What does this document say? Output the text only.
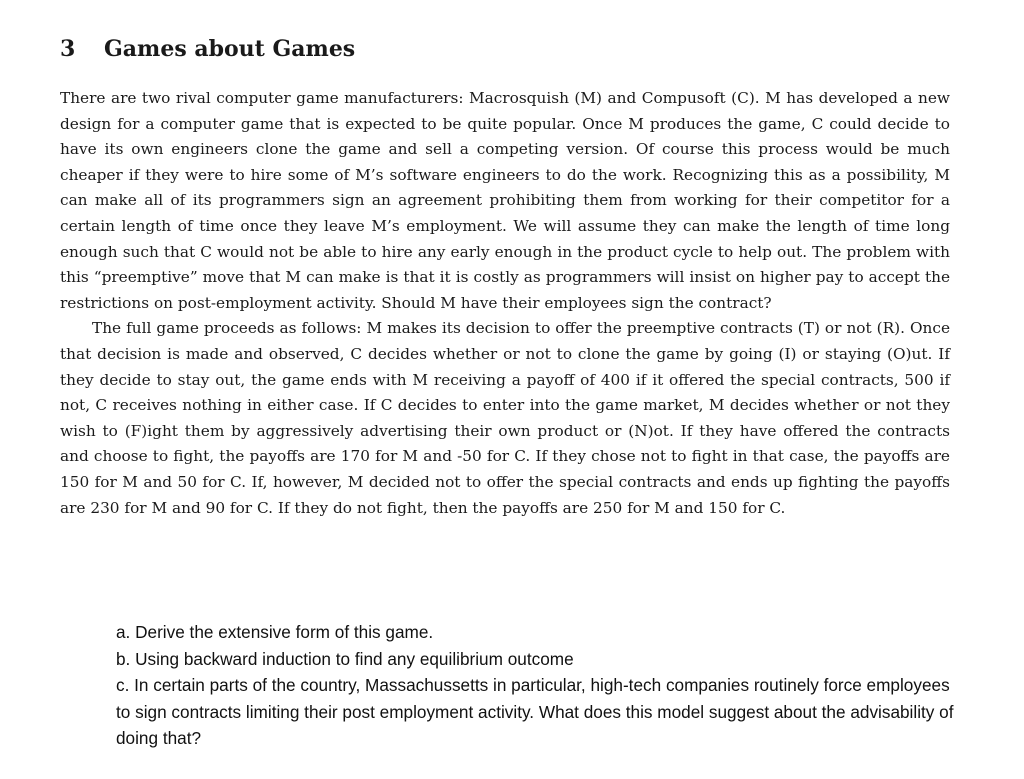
3 Games about Games

There are two rival computer game manufacturers: Macrosquish (M) and Compusoft (C). M has developed a new design for a computer game that is expected to be quite popular. Once M produces the game, C could decide to have its own engineers clone the game and sell a competing version. Of course this process would be much cheaper if they were to hire some of M’s software engineers to do the work. Recognizing this as a possibility, M can make all of its programmers sign an agreement prohibiting them from working for their competitor for a certain length of time once they leave M’s employment. We will assume they can make the length of time long enough such that C would not be able to hire any early enough in the product cycle to help out. The problem with this “preemptive” move that M can make is that it is costly as programmers will insist on higher pay to accept the restrictions on post-employment activity. Should M have their employees sign the contract?

The full game proceeds as follows: M makes its decision to offer the preemptive contracts (T) or not (R). Once that decision is made and observed, C decides whether or not to clone the game by going (I) or staying (O)ut. If they decide to stay out, the game ends with M receiving a payoff of 400 if it offered the special contracts, 500 if not, C receives nothing in either case. If C decides to enter into the game market, M decides whether or not they wish to (F)ight them by aggressively advertising their own product or (N)ot. If they have offered the contracts and choose to fight, the payoffs are 170 for M and -50 for C. If they chose not to fight in that case, the payoffs are 150 for M and 50 for C. If, however, M decided not to offer the special contracts and ends up fighting the payoffs are 230 for M and 90 for C. If they do not fight, then the payoffs are 250 for M and 150 for C.

a. Derive the extensive form of this game.
b. Using backward induction to find any equilibrium outcome
c. In certain parts of the country, Massachussetts in particular, high-tech companies routinely force employees to sign contracts limiting their post employment activity. What does this model suggest about the advisability of doing that?
